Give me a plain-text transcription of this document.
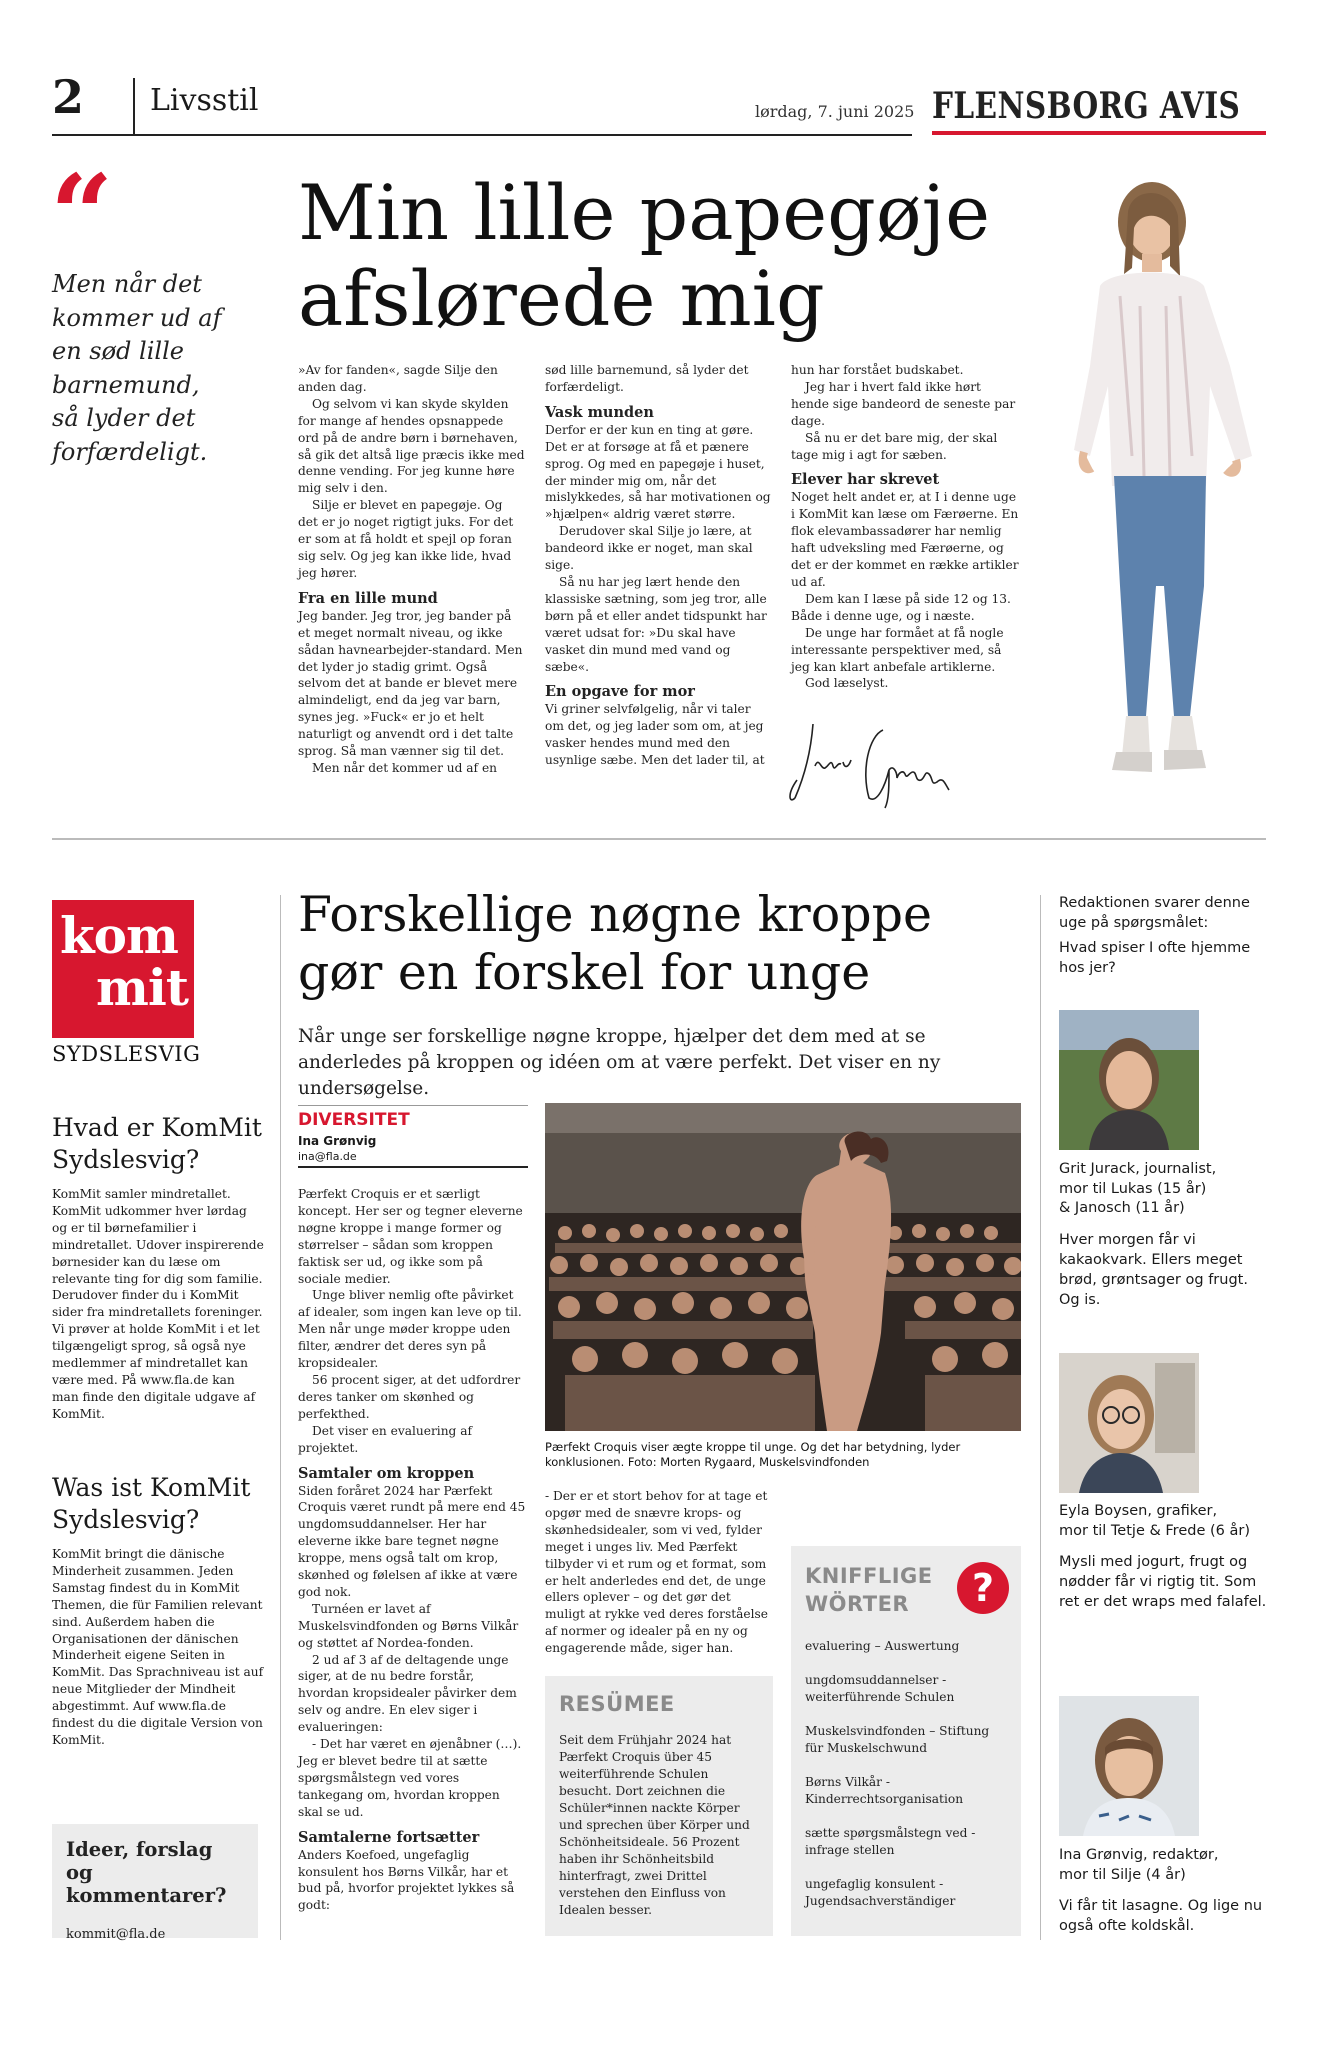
2 Livsstil	lørdag, 7. juni 2025 FLENSBORG AVIS
“
Men når det kommer ud af en sød lille barnemund, så lyder det forfærdeligt.
Min lille papegøje
afslørede mig

»Av for fanden«, sagde Silje den anden dag.

Og selvom vi kan skyde skylden for mange af hendes opsnappede ord på de andre børn i børnehaven, så gik det altså lige præcis ikke med denne vending. For jeg kunne høre mig selv i den.

Silje er blevet en papegøje. Og det er jo noget rigtigt juks. For det er som at få holdt et spejl op foran sig selv. Og jeg kan ikke lide, hvad jeg hører.

Fra en lille mund

Jeg bander. Jeg tror, jeg bander på et meget normalt niveau, og ikke sådan havnearbejder-standard. Men det lyder jo stadig grimt. Også selvom det at bande er blevet mere almindeligt, end da jeg var barn, synes jeg. »Fuck« er jo et helt naturligt og anvendt ord i det talte sprog. Så man vænner sig til det.

Men når det kommer ud af en

sød lille barnemund, så lyder det forfærdeligt.

Vask munden

Derfor er der kun en ting at gøre. Det er at forsøge at få et pænere sprog. Og med en papegøje i huset, der minder mig om, når det mislykkedes, så har motivationen og »hjælpen« aldrig været større.

Derudover skal Silje jo lære, at bandeord ikke er noget, man skal sige.

Så nu har jeg lært hende den klassiske sætning, som jeg tror, alle børn på et eller andet tidspunkt har været udsat for: »Du skal have vasket din mund med vand og sæbe«.

En opgave for mor

Vi griner selvfølgelig, når vi taler om det, og jeg lader som om, at jeg vasker hendes mund med den usynlige sæbe. Men det lader til, at

hun har forstået budskabet.

Jeg har i hvert fald ikke hørt hende sige bandeord de seneste par dage.

Så nu er det bare mig, der skal tage mig i agt for sæben.

Elever har skrevet

Noget helt andet er, at I i denne uge i KomMit kan læse om Færøerne. En flok elevambassadører har nemlig haft udveksling med Færøerne, og det er der kommet en række artikler ud af.

Dem kan I læse på side 12 og 13. Både i denne uge, og i næste.

De unge har formået at få nogle interessante perspektiver med, så jeg kan klart anbefale artiklerne.

God læselyst.

kom
mit
SYDSLESVIG
Hvad er KomMit Sydslesvig?
KomMit samler mindretallet. KomMit udkommer hver lørdag og er til børnefamilier i mindretallet. Udover inspirerende børnesider kan du læse om relevante ting for dig som familie. Derudover finder du i KomMit sider fra mindretallets foreninger. Vi prøver at holde KomMit i et let tilgængeligt sprog, så også nye medlemmer af mindretallet kan være med. På www.fla.de kan man finde den digitale udgave af KomMit.
Was ist KomMit Sydslesvig?
KomMit bringt die dänische Minderheit zusammen. Jeden Samstag findest du in KomMit Themen, die für Familien relevant sind. Außerdem haben die Organisationen der dänischen Minderheit eigene Seiten in KomMit. Das Sprachniveau ist auf neue Mitglieder der Mindheit abgestimmt. Auf www.fla.de findest du die digitale Version von KomMit.
Ideer, forslag og kommentarer?
kommit@fla.de
Forskellige nøgne kroppe
gør en forskel for unge
Når unge ser forskellige nøgne kroppe, hjælper det dem med at se anderledes på kroppen og idéen om at være perfekt. Det viser en ny undersøgelse.
DIVERSITET
Ina Grønvig
ina@fla.de

Pærfekt Croquis er et særligt koncept. Her ser og tegner eleverne nøgne kroppe i mange former og størrelser – sådan som kroppen faktisk ser ud, og ikke som på sociale medier.

Unge bliver nemlig ofte påvirket af idealer, som ingen kan leve op til. Men når unge møder kroppe uden filter, ændrer det deres syn på kropsidealer.

56 procent siger, at det udfordrer deres tanker om skønhed og perfekthed.

Det viser en evaluering af projektet.

Samtaler om kroppen

Siden foråret 2024 har Pærfekt Croquis været rundt på mere end 45 ungdomsuddannelser. Her har eleverne ikke bare tegnet nøgne kroppe, mens også talt om krop, skønhed og følelsen af ikke at være god nok.

Turnéen er lavet af Muskelsvindfonden og Børns Vilkår og støttet af Nordea-fonden.

2 ud af 3 af de deltagende unge siger, at de nu bedre forstår, hvordan kropsidealer påvirker dem selv og andre. En elev siger i evalueringen:

- Det har været en øjenåbner (…). Jeg er blevet bedre til at sætte spørgsmålstegn ved vores tankegang om, hvordan kroppen skal se ud.

Samtalerne fortsætter

Anders Koefoed, ungefaglig konsulent hos Børns Vilkår, har et bud på, hvorfor projektet lykkes så godt:

Pærfekt Croquis viser ægte kroppe til unge. Og det har betydning, lyder konklusionen. Foto: Morten Rygaard, Muskelsvindfonden

- Der er et stort behov for at tage et opgør med de snævre krops- og skønhedsidealer, som vi ved, fylder meget i unges liv. Med Pærfekt tilbyder vi et rum og et format, som er helt anderledes end det, de unge ellers oplever – og det gør det muligt at rykke ved deres forståelse af normer og idealer på en ny og engagerende måde, siger han.

RESÜMEE
Seit dem Frühjahr 2024 hat Pærfekt Croquis über 45 weiterführende Schulen besucht. Dort zeichnen die Schüler*innen nackte Körper und sprechen über Körper und Schönheitsideale. 56 Prozent haben ihr Schönheitsbild hinterfragt, zwei Drittel verstehen den Einfluss von Idealen besser.
KNIFFLIGE
WÖRTER	?
evaluering – Auswertung
ungdomsuddannelser - weiterführende Schulen
Muskelsvindfonden – Stiftung für Muskelschwund
Børns Vilkår - Kinderrechtsorganisation
sætte spørgsmålstegn ved - infrage stellen
ungefaglig konsulent - Jugendsachverständiger
Redaktionen svarer denne uge på spørgsmålet:
Hvad spiser I ofte hjemme hos jer?
Grit Jurack, journalist,
mor til Lukas (15 år)
& Janosch (11 år)
Hver morgen får vi kakaokvark. Ellers meget brød, grøntsager og frugt. Og is.
Eyla Boysen, grafiker,
mor til Tetje & Frede (6 år)
Mysli med jogurt, frugt og nødder får vi rigtig tit. Som ret er det wraps med falafel.
Ina Grønvig, redaktør,
mor til Silje (4 år)
Vi får tit lasagne. Og lige nu også ofte koldskål.
